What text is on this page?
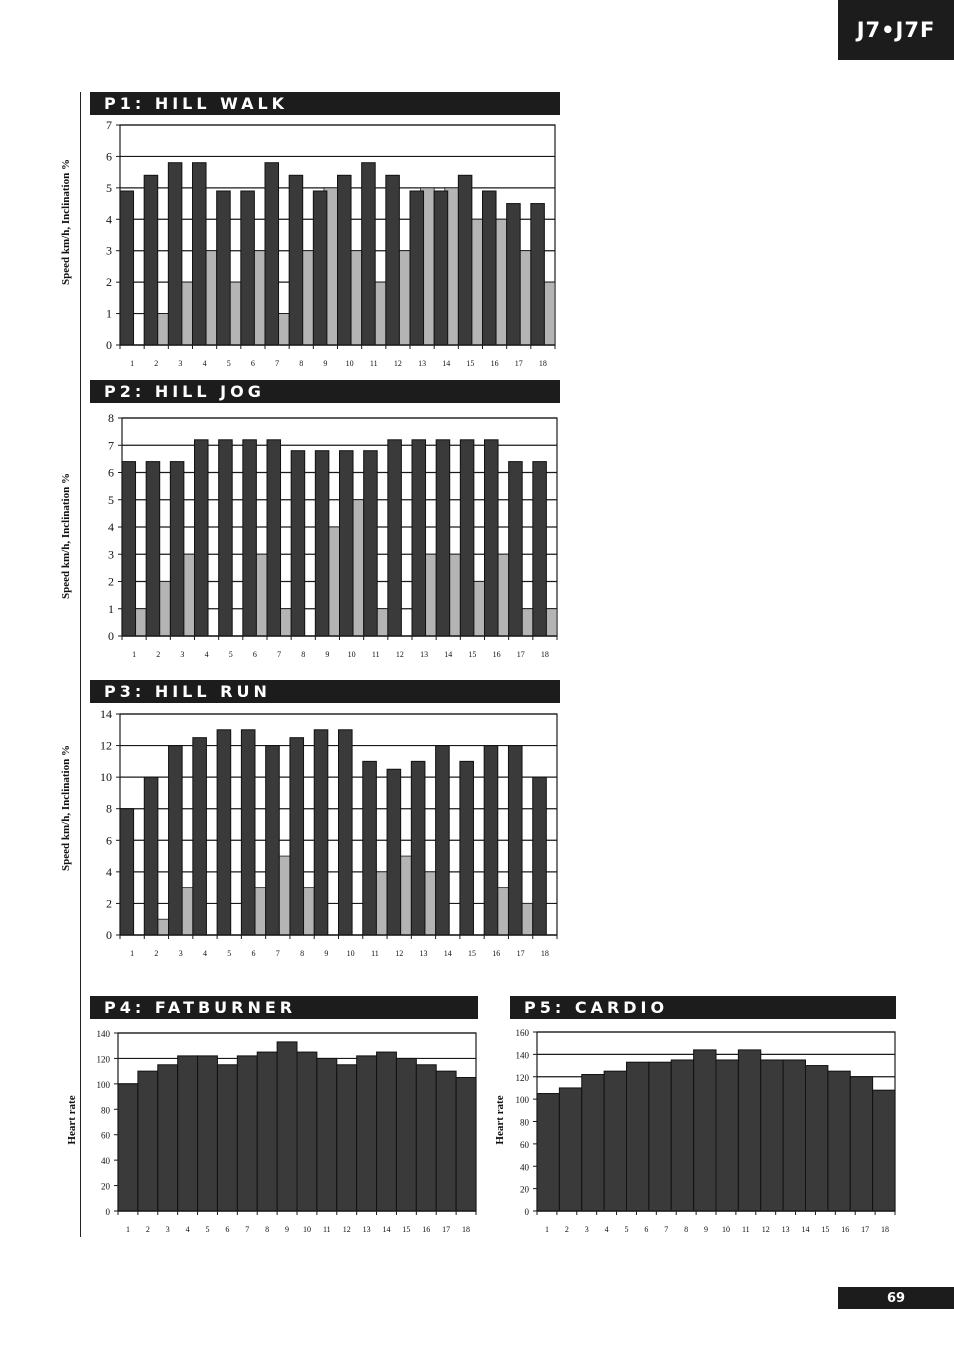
J7•J7F
P1: HILL WALK
Speed km/h, Inclination %
0
1
2
3
4
5
6
7
1	2	3	4	5	6	7	8	9 10 11 12 13 14 15 16 17 18
P2: HILL JOG
Speed km/h, Inclination %
0
1
2
3
4
5
6
7
8
1	2	3	4	5	6	7	8	9 10 11 12 13 14 15 16 17 18
P3: HILL RUN
Speed km/h, Inclination %
0
2
4
6
8
10
12
14
1	2	3	4	5	6	7	8	9 10 11 12 13 14 15 16 17 18
P4: FATBURNER
Heart rate
0
20
40
60
80
100
120
140
1 2 3 4 5 6 7 8 9 10 11 12 13 14 15 16 17 18
P5: CARDIO
Heart rate
0
20
40
60
80
100
120
140
160
1 2 3 4 5 6 7 8 9 10 11 12 13 14 15 16 17 18
69
